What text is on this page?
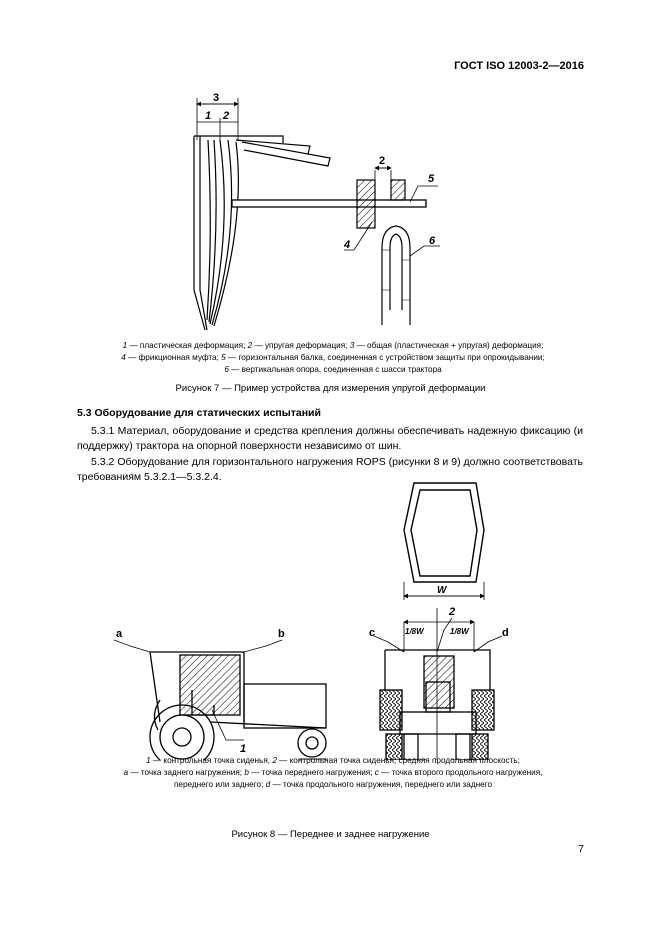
ГОСТ ISO 12003-2—2016
3
1 2
2
5
4	6
1 — пластическая деформация; 2 — упругая деформация; 3 — общая (пластическая + упругая) деформация;
4 — фрикционная муфта; 5 — горизонтальная балка, соединенная с устройством защиты при опрокидывании;
6 — вертикальная опора, соединенная с шасси трактора
Рисунок 7 — Пример устройства для измерения упругой деформации
5.3 Оборудование для статических испытаний
5.3.1 Материал, оборудование и средства крепления должны обеспечивать надежную фиксацию (и поддержку) трактора на опорной поверхности независимо от шин.
5.3.2 Оборудование для горизонтального нагружения ROPS (рисунки 8 и 9) должно соответствовать требованиям 5.3.2.1—5.3.2.4.
W
a	b
1
2
1/8W	1/8W
c	d
1 — контрольная точка сиденья, 2 — контрольная точка сиденья, средняя продольная плоскость;
a — точка заднего нагружения; b — точка переднего нагружения; c — точка второго продольного нагружения,
переднего или заднего; d — точка продольного нагружения, переднего или заднего
Рисунок 8 — Переднее и заднее нагружение
7
